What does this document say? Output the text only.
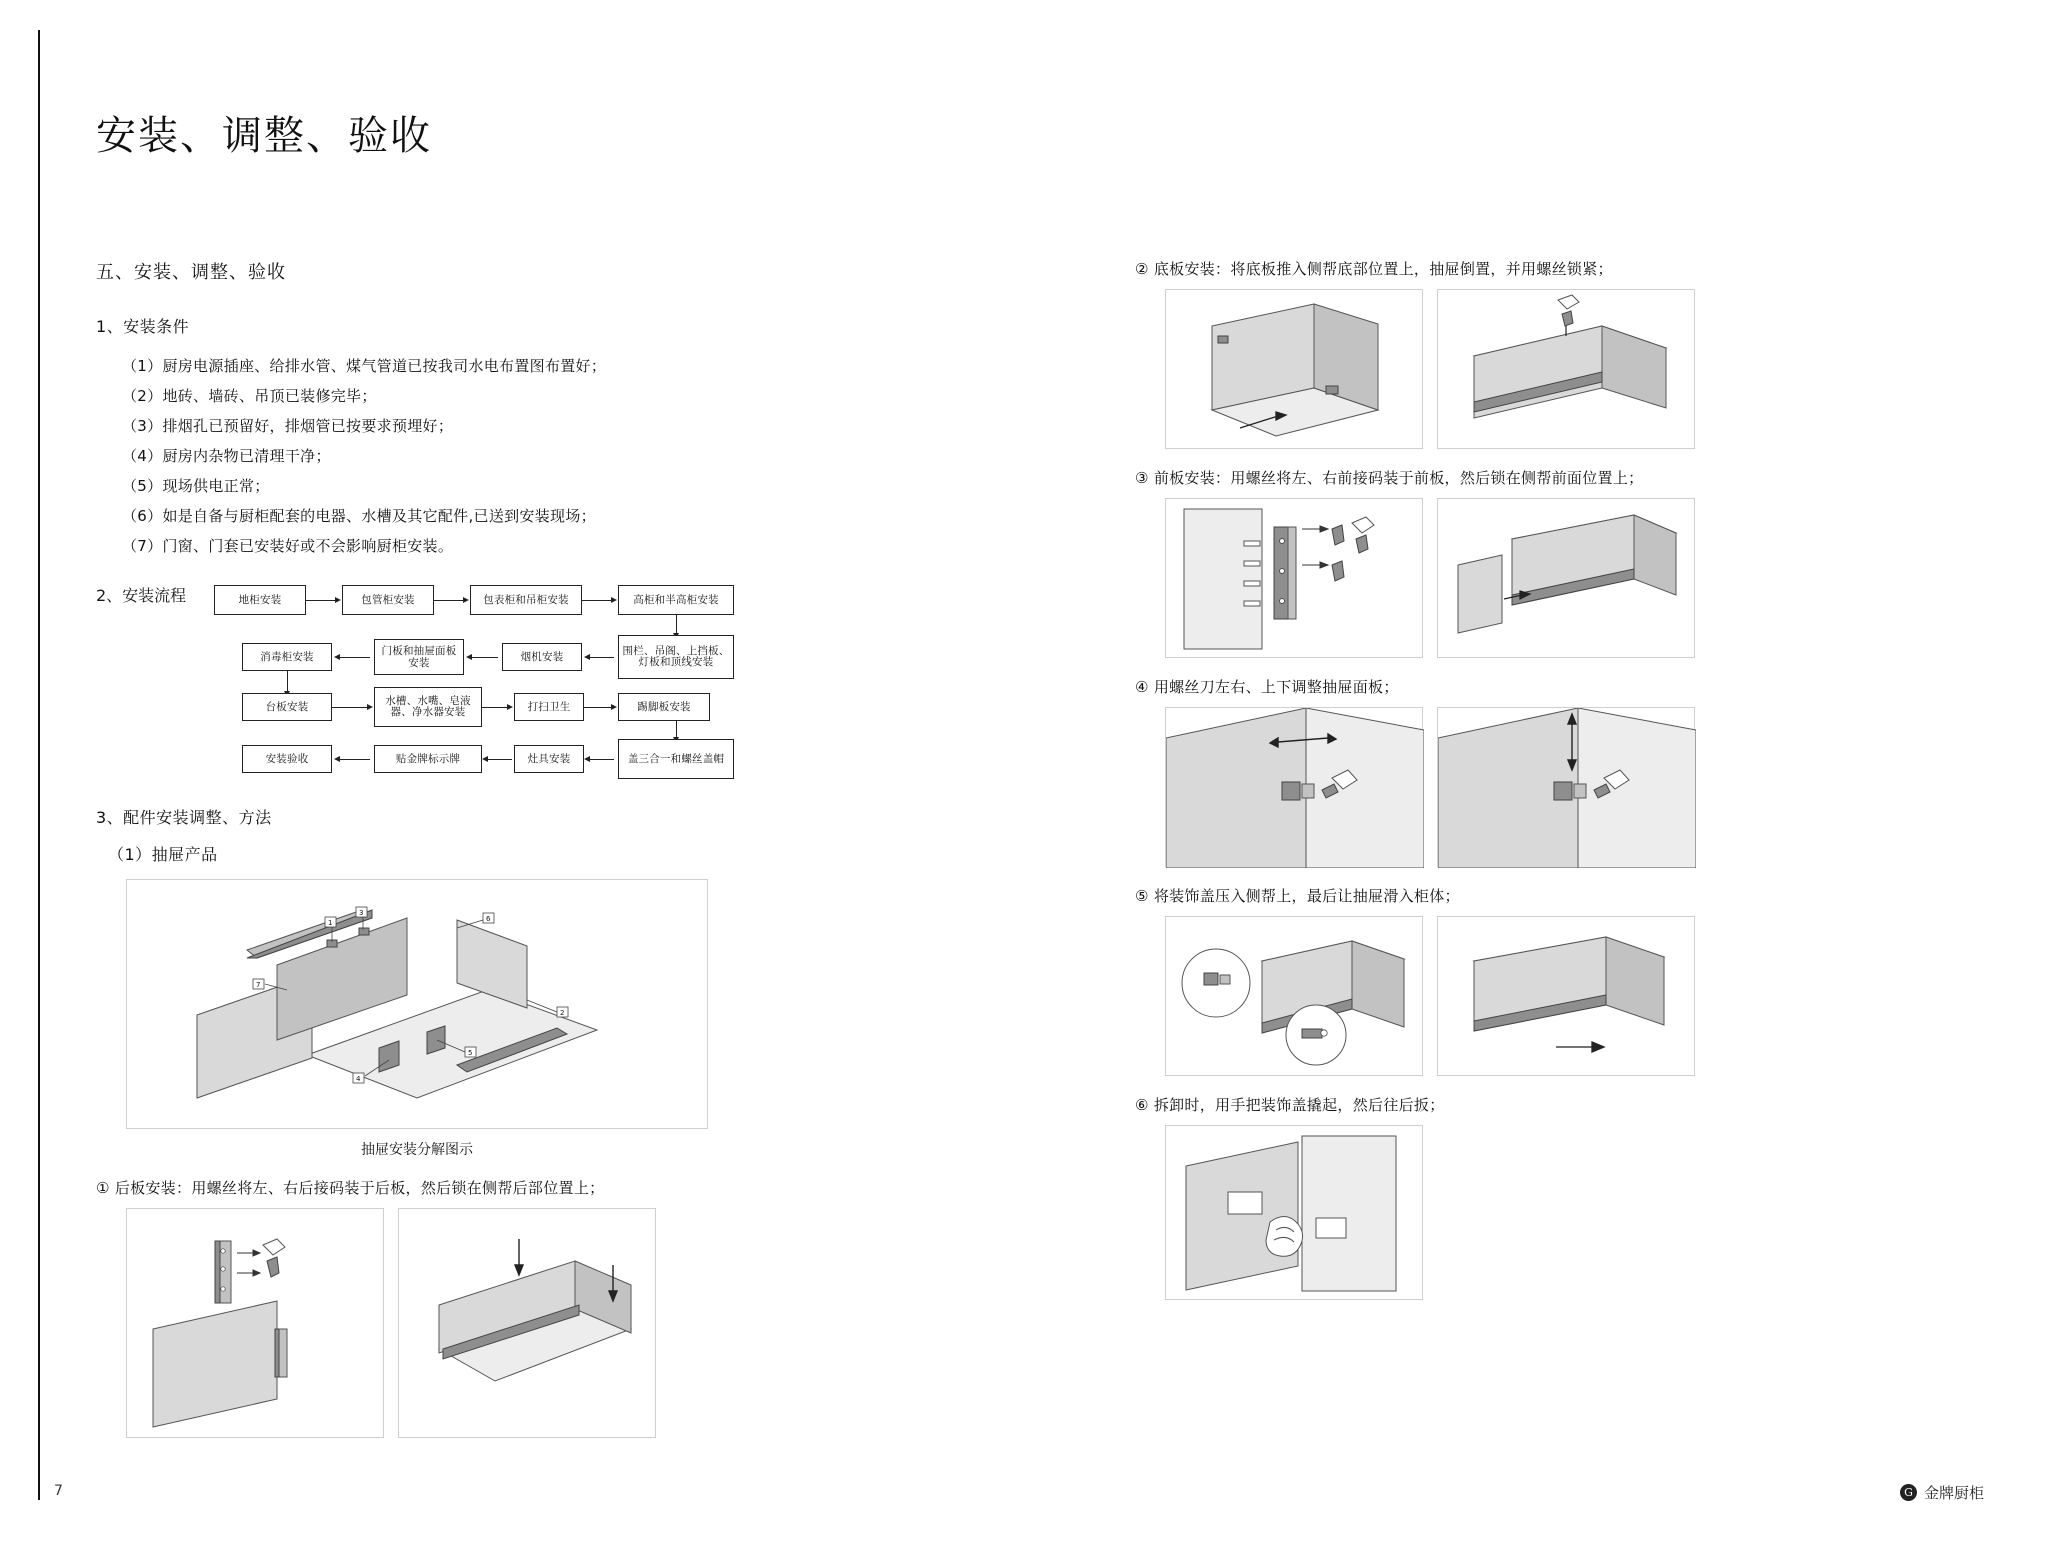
安装、调整、验收
五、安装、调整、验收
1、安装条件
（1）厨房电源插座、给排水管、煤气管道已按我司水电布置图布置好；
（2）地砖、墙砖、吊顶已装修完毕；
（3）排烟孔已预留好，排烟管已按要求预埋好；
（4）厨房内杂物已清理干净；
（5）现场供电正常；
（6）如是自备与厨柜配套的电器、水槽及其它配件,已送到安装现场；
（7）门窗、门套已安装好或不会影响厨柜安装。
2、安装流程	地柜安装	包管柜安装	包表柜和吊柜安装	高柜和半高柜安装
围栏、吊阁、上挡板、灯板和顶线安装
烟机安装
门板和抽屉面板安装
消毒柜安装
台板安装	水槽、水嘴、皂液器、净水器安装	打扫卫生	踢脚板安装
盖三合一和螺丝盖帽
灶具安装
贴金牌标示牌
安装验收
3、配件安装调整、方法
（1）抽屉产品
1
3
6
2
4
5
7
抽屉安装分解图示
① 后板安装：用螺丝将左、右后接码装于后板，然后锁在侧帮后部位置上；
② 底板安装：将底板推入侧帮底部位置上，抽屉倒置，并用螺丝锁紧；
③ 前板安装：用螺丝将左、右前接码装于前板，然后锁在侧帮前面位置上；
④ 用螺丝刀左右、上下调整抽屉面板；
⑤ 将装饰盖压入侧帮上，最后让抽屉滑入柜体；
⑥ 拆卸时，用手把装饰盖撬起，然后往后扳；
7	G 金牌厨柜
